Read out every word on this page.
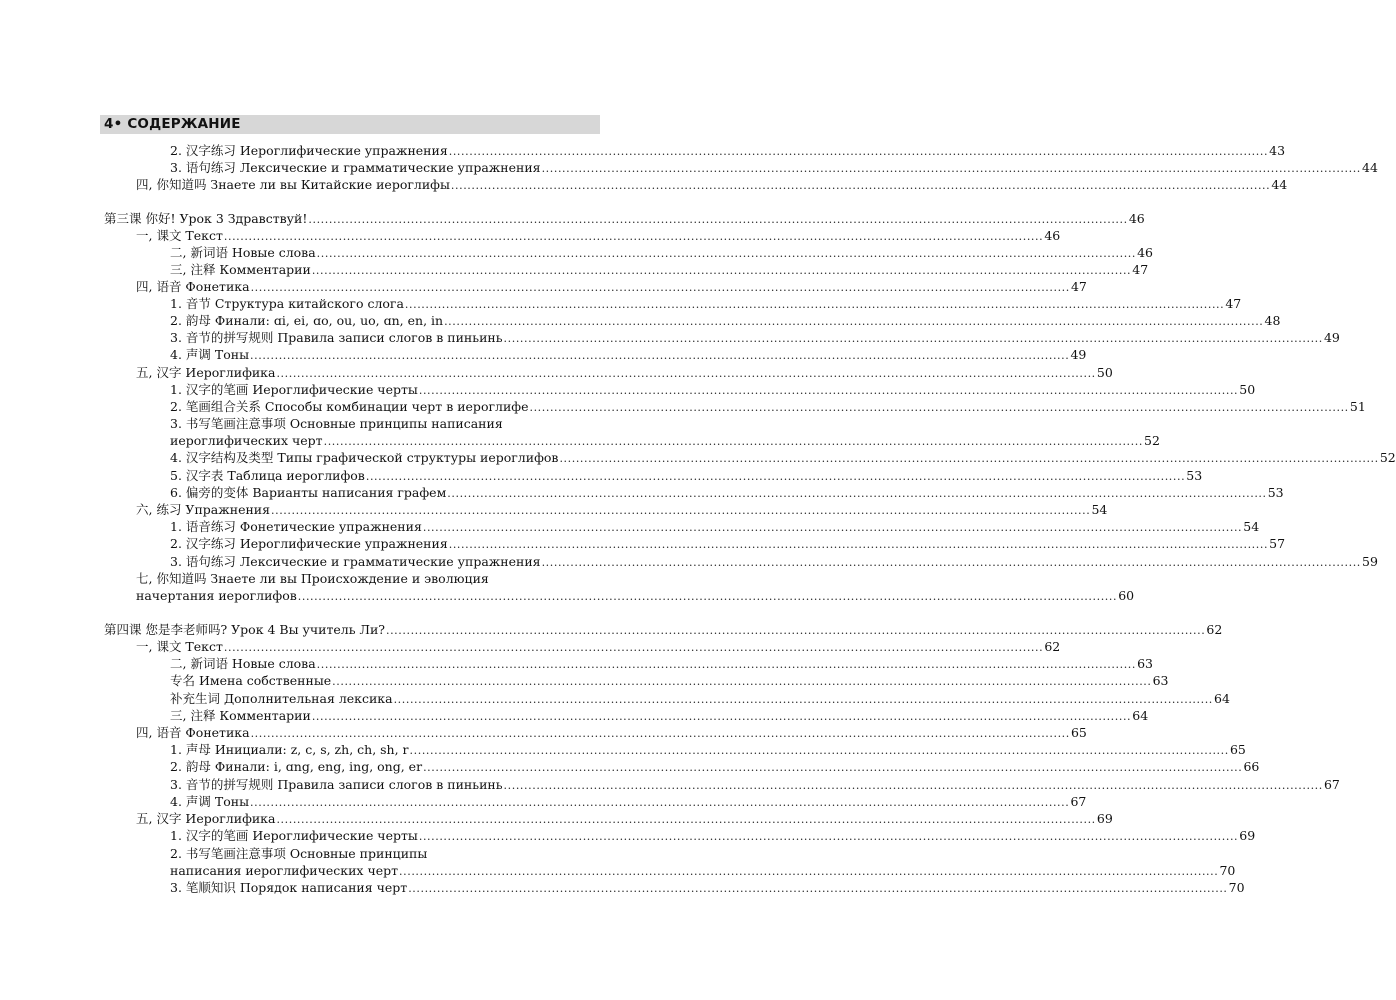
4• СОДЕРЖАНИЕ
2. 汉字练习 Иероглифические упражнения ........................................................................................................................................................................................................ 43
3. 语句练习 Лексические и грамматические упражнения ........................................................................................................................................................................................................ 44
四, 你知道吗 Знаете ли вы Китайские иероглифы ........................................................................................................................................................................................................ 44
第三课 你好! Урок 3 Здравствуй! ........................................................................................................................................................................................................ 46
一, 课文 Текст ........................................................................................................................................................................................................ 46
二, 新词语 Новые слова ........................................................................................................................................................................................................ 46
三, 注释 Комментарии ........................................................................................................................................................................................................ 47
四, 语音 Фонетика ........................................................................................................................................................................................................ 47
1. 音节 Структура китайского слога ........................................................................................................................................................................................................ 47
2. 韵母 Финали: ɑi, ei, ɑo, ou, uo, ɑn, en, in ........................................................................................................................................................................................................ 48
3. 音节的拼写规则 Правила записи слогов в пиньинь ........................................................................................................................................................................................................ 49
4. 声调 Тоны ........................................................................................................................................................................................................ 49
五, 汉字 Иероглифика ........................................................................................................................................................................................................ 50
1. 汉字的笔画 Иероглифические черты ........................................................................................................................................................................................................ 50
2. 笔画组合关系 Способы комбинации черт в иероглифе ........................................................................................................................................................................................................ 51
3. 书写笔画注意事项 Основные принципы написания
иероглифических черт ........................................................................................................................................................................................................ 52
4. 汉字结构及类型 Типы графической структуры иероглифов ........................................................................................................................................................................................................ 52
5. 汉字表 Таблица иероглифов ........................................................................................................................................................................................................ 53
6. 偏旁的变体 Варианты написания графем ........................................................................................................................................................................................................ 53
六, 练习 Упражнения ........................................................................................................................................................................................................ 54
1. 语音练习 Фонетические упражнения ........................................................................................................................................................................................................ 54
2. 汉字练习 Иероглифические упражнения ........................................................................................................................................................................................................ 57
3. 语句练习 Лексические и грамматические упражнения ........................................................................................................................................................................................................ 59
七, 你知道吗 Знаете ли вы Происхождение и эволюция
начертания иероглифов ........................................................................................................................................................................................................ 60
第四课 您是李老师吗? Урок 4 Вы учитель Ли? ........................................................................................................................................................................................................ 62
一, 课文 Текст ........................................................................................................................................................................................................ 62
二, 新词语 Новые слова ........................................................................................................................................................................................................ 63
专名 Имена собственные ........................................................................................................................................................................................................ 63
补充生词 Дополнительная лексика ........................................................................................................................................................................................................ 64
三, 注释 Комментарии ........................................................................................................................................................................................................ 64
四, 语音 Фонетика ........................................................................................................................................................................................................ 65
1. 声母 Инициали: z, c, s, zh, ch, sh, r ........................................................................................................................................................................................................ 65
2. 韵母 Финали: i, ɑng, eng, ing, ong, er ........................................................................................................................................................................................................ 66
3. 音节的拼写规则 Правила записи слогов в пиньинь ........................................................................................................................................................................................................ 67
4. 声调 Тоны ........................................................................................................................................................................................................ 67
五, 汉字 Иероглифика ........................................................................................................................................................................................................ 69
1. 汉字的笔画 Иероглифические черты ........................................................................................................................................................................................................ 69
2. 书写笔画注意事项 Основные принципы
написания иероглифических черт ........................................................................................................................................................................................................ 70
3. 笔顺知识 Порядок написания черт ........................................................................................................................................................................................................ 70
